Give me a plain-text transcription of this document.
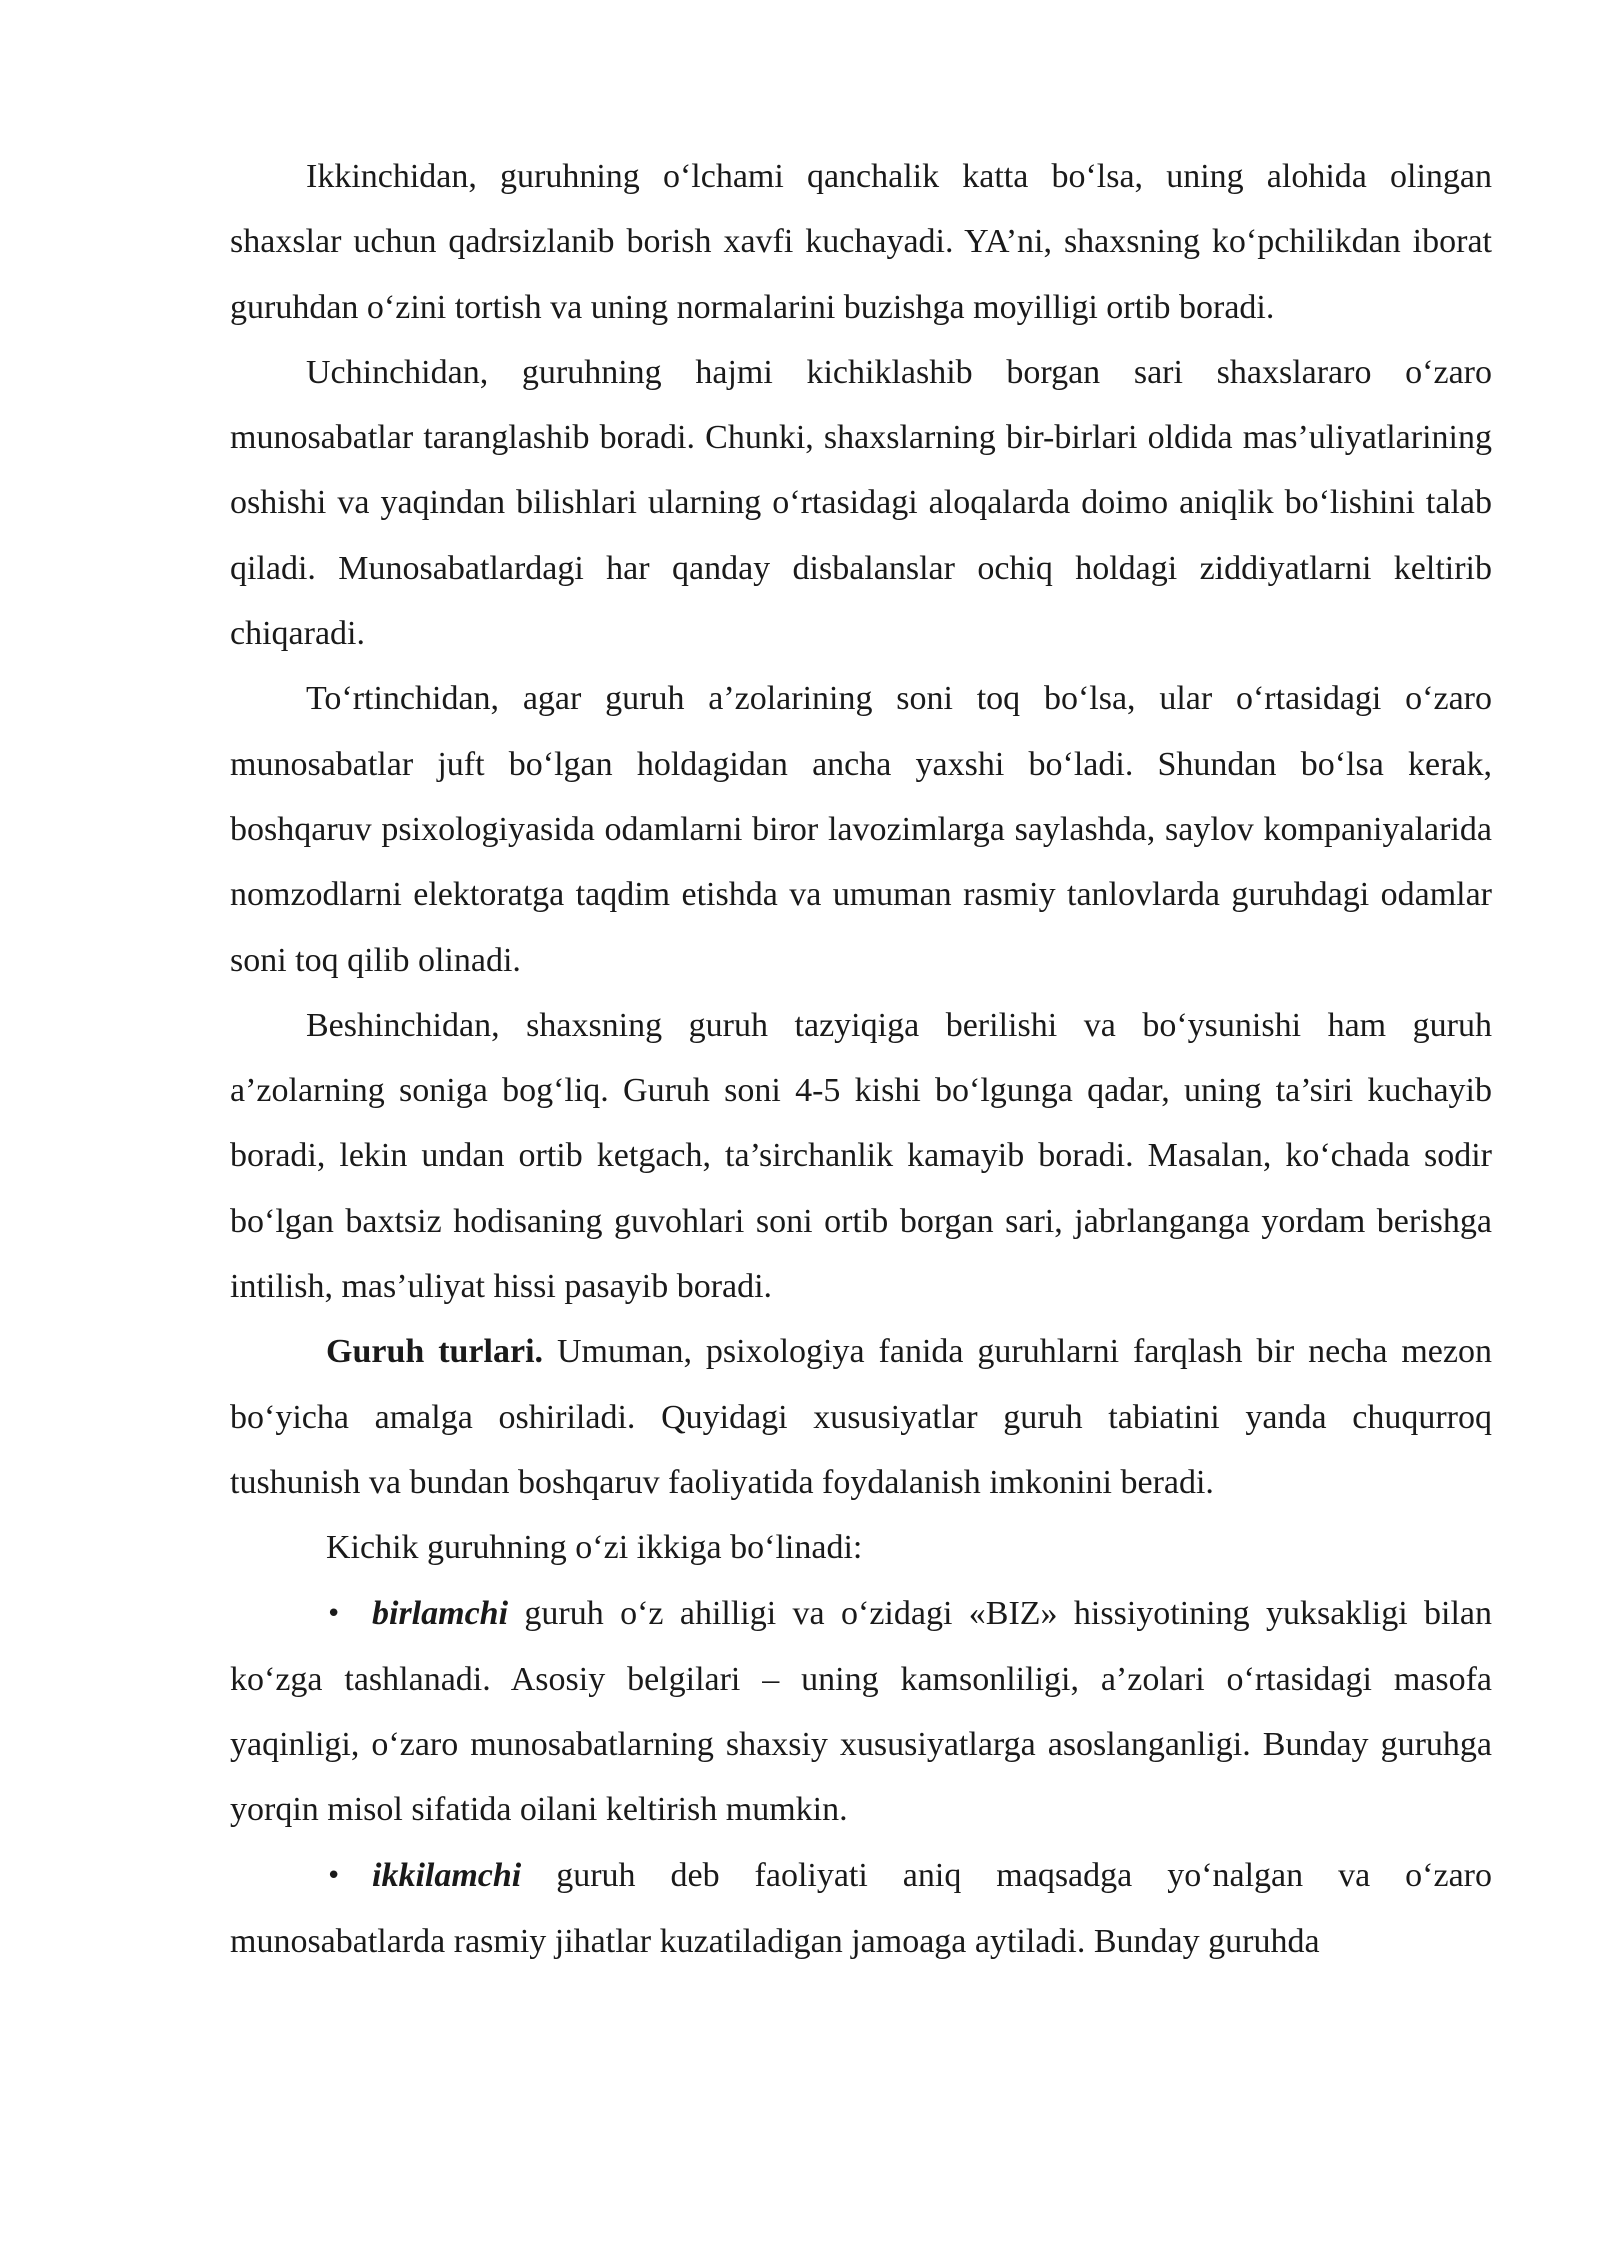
Ikkinchidan, guruhning oʻlchami qanchalik katta boʻlsa, uning alohida olingan shaxslar uchun qadrsizlanib borish xavfi kuchayadi. YA’ni, shaxsning koʻpchilikdan iborat guruhdan oʻzini tortish va uning normalarini buzishga moyilligi ortib boradi.

Uchinchidan, guruhning hajmi kichiklashib borgan sari shaxslararo oʻzaro munosabatlar taranglashib boradi. Chunki, shaxslarning bir-birlari oldida mas’uliyatlarining oshishi va yaqindan bilishlari ularning oʻrtasidagi aloqalarda doimo aniqlik boʻlishini talab qiladi. Munosabatlardagi har qanday disbalanslar ochiq holdagi ziddiyatlarni keltirib chiqaradi.

Toʻrtinchidan, agar guruh a’zolarining soni toq boʻlsa, ular oʻrtasidagi oʻzaro munosabatlar juft boʻlgan holdagidan ancha yaxshi boʻladi. Shundan boʻlsa kerak, boshqaruv psixologiyasida odamlarni biror lavozimlarga saylashda, saylov kompaniyalarida nomzodlarni elektoratga taqdim etishda va umuman rasmiy tanlovlarda guruhdagi odamlar soni toq qilib olinadi.

Beshinchidan, shaxsning guruh tazyiqiga berilishi va boʻysunishi ham guruh a’zolarning soniga bogʻliq. Guruh soni 4-5 kishi boʻlgunga qadar, uning ta’siri kuchayib boradi, lekin undan ortib ketgach, ta’sirchanlik kamayib boradi. Masalan, koʻchada sodir boʻlgan baxtsiz hodisaning guvohlari soni ortib borgan sari, jabrlanganga yordam berishga intilish, mas’uliyat hissi pasayib boradi.

Guruh turlari. Umuman, psixologiya fanida guruhlarni farqlash bir necha mezon boʻyicha amalga oshiriladi. Quyidagi xususiyatlar guruh tabiatini yanda chuqurroq tushunish va bundan boshqaruv faoliyatida foydalanish imkonini beradi.

Kichik guruhning oʻzi ikkiga boʻlinadi:

• birlamchi guruh oʻz ahilligi va oʻzidagi «BIZ» hissiyotining yuksakligi bilan koʻzga tashlanadi. Asosiy belgilari – uning kamsonliligi, a’zolari oʻrtasidagi masofa yaqinligi, oʻzaro munosabatlarning shaxsiy xususiyatlarga asoslanganligi. Bunday guruhga yorqin misol sifatida oilani keltirish mumkin.

• ikkilamchi guruh deb faoliyati aniq maqsadga yoʻnalgan va oʻzaro munosabatlarda rasmiy jihatlar kuzatiladigan jamoaga aytiladi. Bunday guruhda
